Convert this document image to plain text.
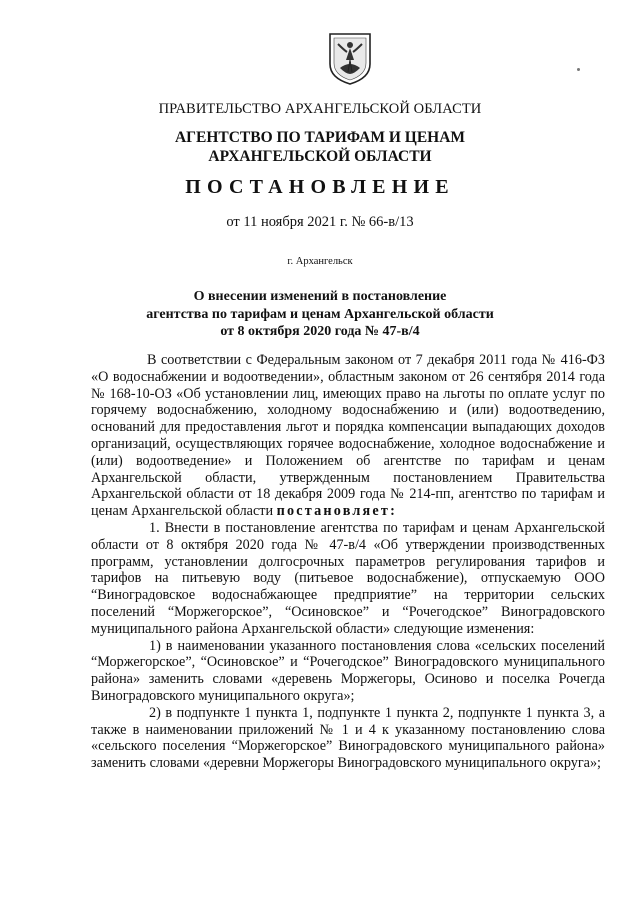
ПРАВИТЕЛЬСТВО АРХАНГЕЛЬСКОЙ ОБЛАСТИ
АГЕНТСТВО ПО ТАРИФАМ И ЦЕНАМ
АРХАНГЕЛЬСКОЙ ОБЛАСТИ
ПОСТАНОВЛЕНИЕ
от 11 ноября 2021 г. № 66-в/13
г. Архангельск
О внесении изменений в постановление
агентства по тарифам и ценам Архангельской области
от 8 октября 2020 года № 47-в/4

В соответствии с Федеральным законом от 7 декабря 2011 года № 416-ФЗ «О водоснабжении и водоотведении», областным законом от 26 сентября 2014 года № 168-10-ОЗ «Об установлении лиц, имеющих право на льготы по оплате услуг по горячему водоснабжению, холодному водоснабжению и (или) водоотведению, оснований для предоставления льгот и порядка компенсации выпадающих доходов организаций, осуществляющих горячее водоснабжение, холодное водоснабжение и (или) водоотведение» и Положением об агентстве по тарифам и ценам Архангельской области, утвержденным постановлением Правительства Архангельской области от 18 декабря 2009 года № 214-пп, агентство по тарифам и ценам Архангельской области постановляет:

1. Внести в постановление агентства по тарифам и ценам Архангельской области от 8 октября 2020 года № 47-в/4 «Об утверждении производственных программ, установлении долгосрочных параметров регулирования тарифов и тарифов на питьевую воду (питьевое водоснабжение), отпускаемую ООО “Виноградовское водоснабжающее предприятие” на территории сельских поселений “Моржегорское”, “Осиновское” и “Рочегодское” Виноградовского муниципального района Архангельской области» следующие изменения:

1) в наименовании указанного постановления слова «сельских поселений “Моржегорское”, “Осиновское” и “Рочегодское” Виноградовского муниципального района» заменить словами «деревень Моржегоры, Осиново и поселка Рочегда Виноградовского муниципального округа»;

2) в подпункте 1 пункта 1, подпункте 1 пункта 2, подпункте 1 пункта 3, а также в наименовании приложений № 1 и 4 к указанному постановлению слова «сельского поселения “Моржегорское” Виноградовского муниципального района» заменить словами «деревни Моржегоры Виноградовского муниципального округа»;
